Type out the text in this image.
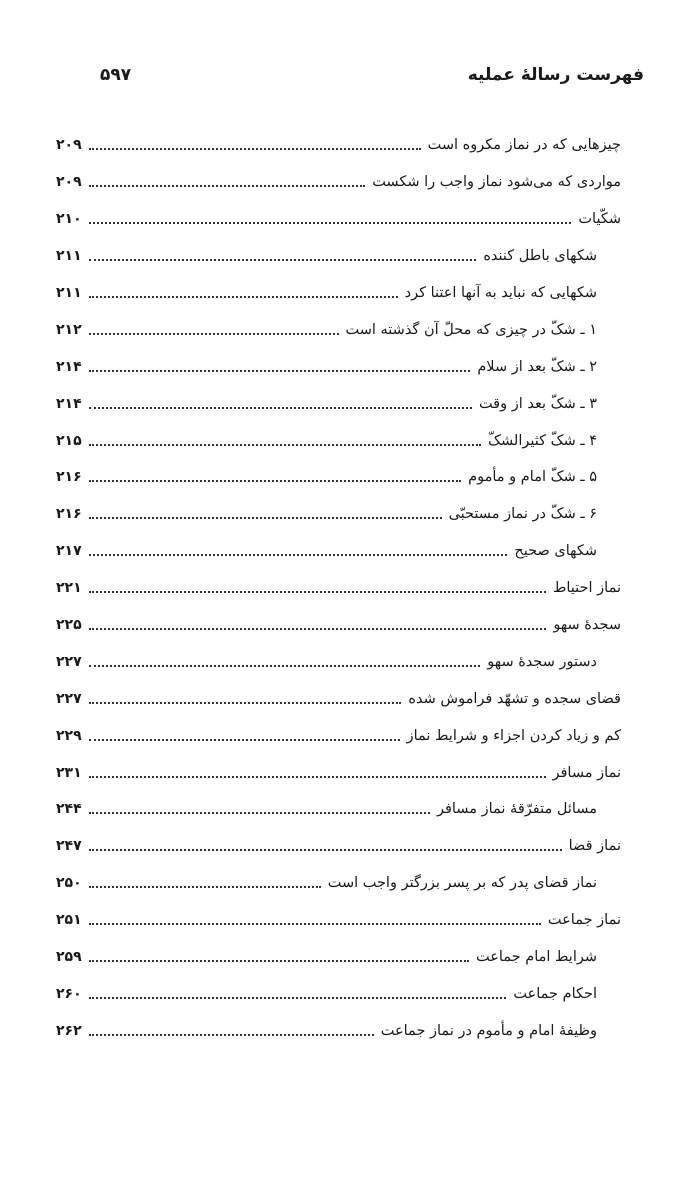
فهرست رسالۀ عملیه
۵۹۷
چیزهایی که در نماز مکروه است
۲۰۹
مواردی که می‌شود نماز واجب را شکست
۲۰۹
شکّیات
۲۱۰
شکهای باطل کننده
۲۱۱
شکهایی که نباید به آنها اعتنا کرد
۲۱۱
۱ ـ شکّ در چیزی که محلّ آن گذشته است
۲۱۲
۲ ـ شکّ بعد از سلام
۲۱۴
۳ ـ شکّ بعد از وقت
۲۱۴
۴ ـ شکّ کثیرالشکّ
۲۱۵
۵ ـ شکّ امام و مأموم
۲۱۶
۶ ـ شکّ در نماز مستحبّی
۲۱۶
شکهای صحیح
۲۱۷
نماز احتیاط
۲۲۱
سجدۀ سهو
۲۲۵
دستور سجدۀ سهو
۲۲۷
قضای سجده و تشهّد فراموش شده
۲۲۷
کم و زیاد کردن اجزاء و شرایط نماز
۲۲۹
نماز مسافر
۲۳۱
مسائل متفرّقۀ نماز مسافر
۲۴۴
نماز قضا
۲۴۷
نماز قضای پدر که بر پسر بزرگتر واجب است
۲۵۰
نماز جماعت
۲۵۱
شرایط امام جماعت
۲۵۹
احکام جماعت
۲۶۰
وظیفۀ امام و مأموم در نماز جماعت
۲۶۲
